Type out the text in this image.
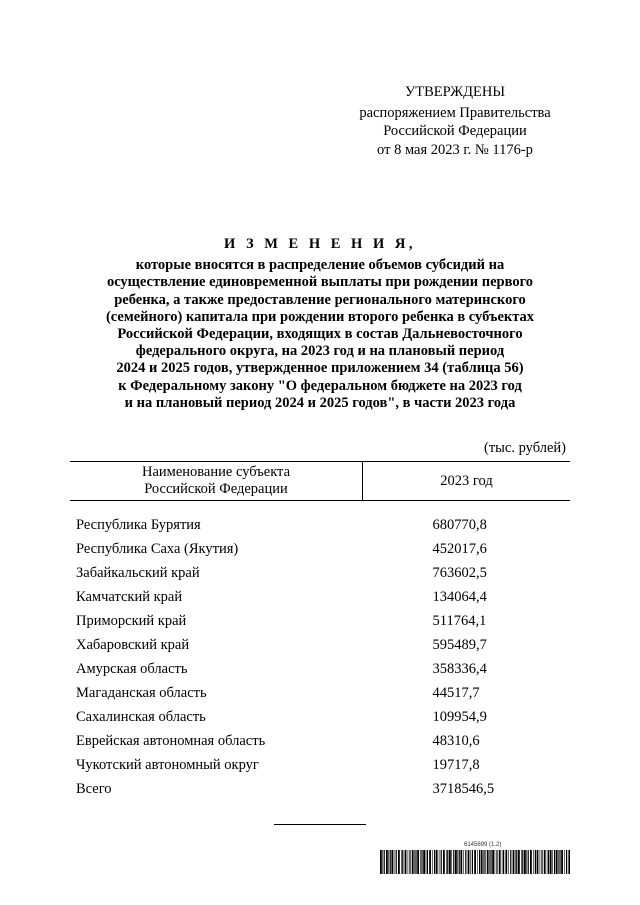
УТВЕРЖДЕНЫ
распоряжением Правительства
Российской Федерации
от 8 мая 2023 г. № 1176-р
И З М Е Н Е Н И Я,
которые вносятся в распределение объемов субсидий на
осуществление единовременной выплаты при рождении первого
ребенка, а также предоставление регионального материнского
(семейного) капитала при рождении второго ребенка в субъектах
Российской Федерации, входящих в состав Дальневосточного
федерального округа, на 2023 год и на плановый период
2024 и 2025 годов, утвержденное приложением 34 (таблица 56)
к Федеральному закону "О федеральном бюджете на 2023 год
и на плановый период 2024 и 2025 годов", в части 2023 года
(тыс. рублей)
Наименование субъекта
Российской Федерации	2023 год
Республика Бурятия	680770,8
Республика Саха (Якутия)	452017,6
Забайкальский край	763602,5
Камчатский край	134064,4
Приморский край	511764,1
Хабаровский край	595489,7
Амурская область	358336,4
Магаданская область	44517,7
Сахалинская область	109954,9
Еврейская автономная область	48310,6
Чукотский автономный округ	19717,8
Всего	3718546,5
6145699 (1.2)
